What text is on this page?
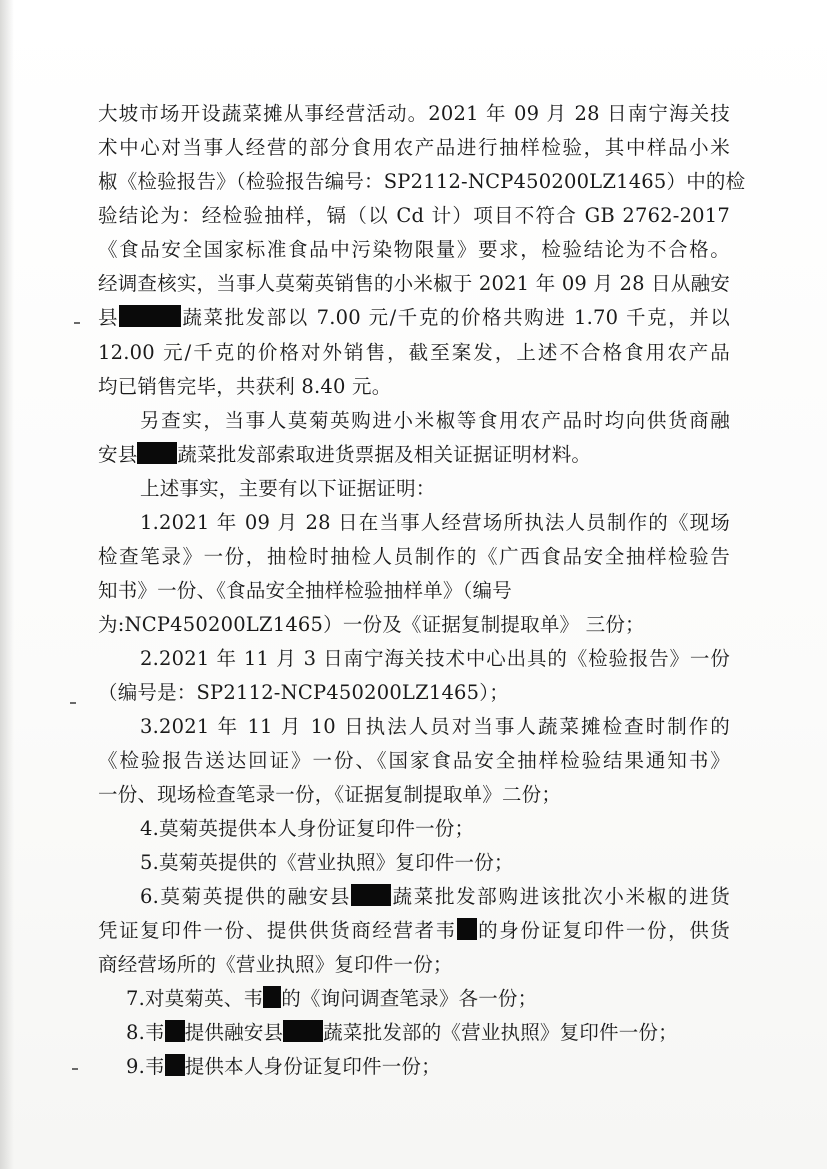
大坡市场开设蔬菜摊从事经营活动。2021 年 09 月 28 日南宁海关技
术中心对当事人经营的部分食用农产品进行抽样检验，其中样品小米
椒《检验报告》（检验报告编号：SP2112-NCP450200LZ1465）中的检
验结论为：经检验抽样，镉（以 Cd 计）项目不符合 GB 2762-2017
《食品安全国家标准食品中污染物限量》要求，检验结论为不合格。
经调查核实，当事人莫菊英销售的小米椒于 2021 年 09 月 28 日从融安
县	蔬菜批发部以 7.00 元/千克的价格共购进 1.70 千克，并以
12.00 元/千克的价格对外销售，截至案发，上述不合格食用农产品
均已销售完毕，共获利 8.40 元。
另查实，当事人莫菊英购进小米椒等食用农产品时均向供货商融
安县 蔬菜批发部索取进货票据及相关证据证明材料。
上述事实，主要有以下证据证明：
1.2021 年 09 月 28 日在当事人经营场所执法人员制作的《现场
检查笔录》一份，抽检时抽检人员制作的《广西食品安全抽样检验告
知书》一份、《食品安全抽样检验抽样单》（编号
为:NCP450200LZ1465）一份及《证据复制提取单》 三份；
2.2021 年 11 月 3 日南宁海关技术中心出具的《检验报告》一份
（编号是：SP2112-NCP450200LZ1465）；
3.2021 年 11 月 10 日执法人员对当事人蔬菜摊检查时制作的
《检验报告送达回证》一份、《国家食品安全抽样检验结果通知书》
一份、现场检查笔录一份，《证据复制提取单》二份；
4.莫菊英提供本人身份证复印件一份；
5.莫菊英提供的《营业执照》复印件一份；
6.莫菊英提供的融安县 蔬菜批发部购进该批次小米椒的进货
凭证复印件一份、提供供货商经营者韦 的身份证复印件一份，供货
商经营场所的《营业执照》复印件一份；
7.对莫菊英、韦 的《询问调查笔录》各一份；
8.韦 提供融安县 蔬菜批发部的《营业执照》复印件一份；
9.韦 提供本人身份证复印件一份；
